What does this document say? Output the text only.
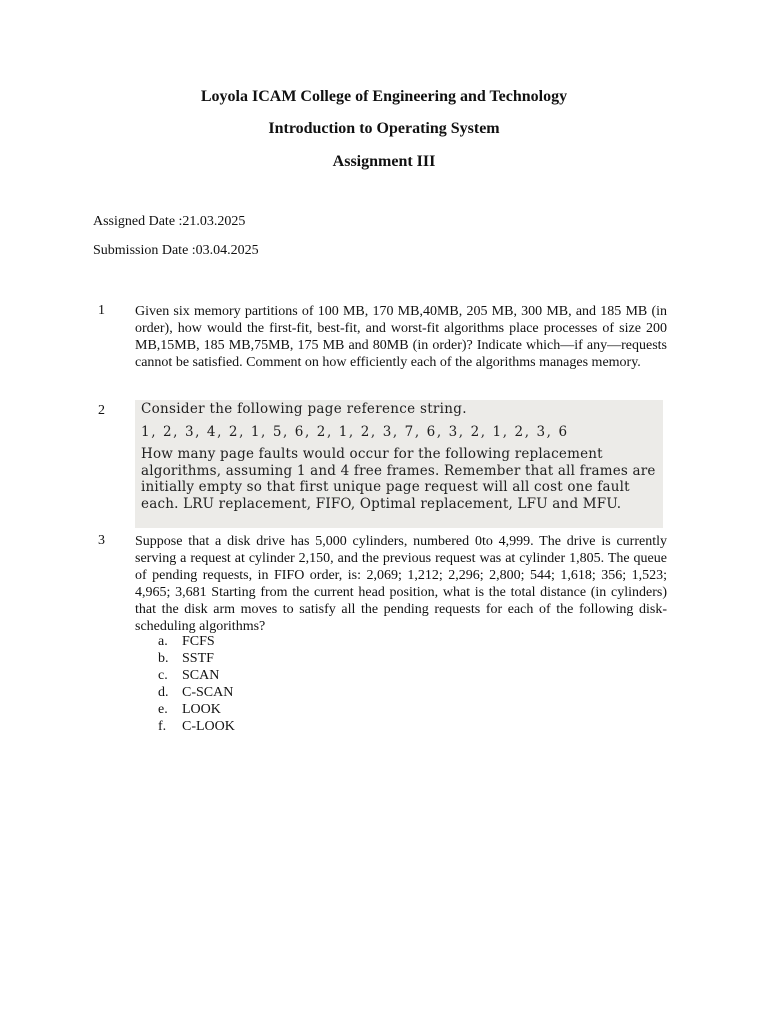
Loyola ICAM College of Engineering and Technology
Introduction to Operating System
Assignment III

Assigned Date :21.03.2025

Submission Date :03.04.2025

1 Given six memory partitions of 100 MB, 170 MB,40MB, 205 MB, 300 MB, and 185 MB (in order), how would the first-fit, best-fit, and worst-fit algorithms place processes of size 200 MB,15MB, 185 MB,75MB, 175 MB and 80MB (in order)? Indicate which—if any—requests cannot be satisfied. Comment on how efficiently each of the algorithms manages memory.

2	Consider the following page reference string.
1, 2, 3, 4, 2, 1, 5, 6, 2, 1, 2, 3, 7, 6, 3, 2, 1, 2, 3, 6

How many page faults would occur for the following replacement algorithms, assuming 1 and 4 free frames. Remember that all frames are initially empty so that first unique page request will all cost one fault each. LRU replacement, FIFO, Optimal replacement, LFU and MFU.

3 Suppose that a disk drive has 5,000 cylinders, numbered 0to 4,999. The drive is currently serving a request at cylinder 2,150, and the previous request was at cylinder 1,805. The queue of pending requests, in FIFO order, is: 2,069; 1,212; 2,296; 2,800; 544; 1,618; 356; 1,523; 4,965; 3,681 Starting from the current head position, what is the total distance (in cylinders) that the disk arm moves to satisfy all the pending requests for each of the following disk-scheduling algorithms?

a. FCFS
b. SSTF
c. SCAN
d. C-SCAN
e. LOOK
f. C-LOOK
